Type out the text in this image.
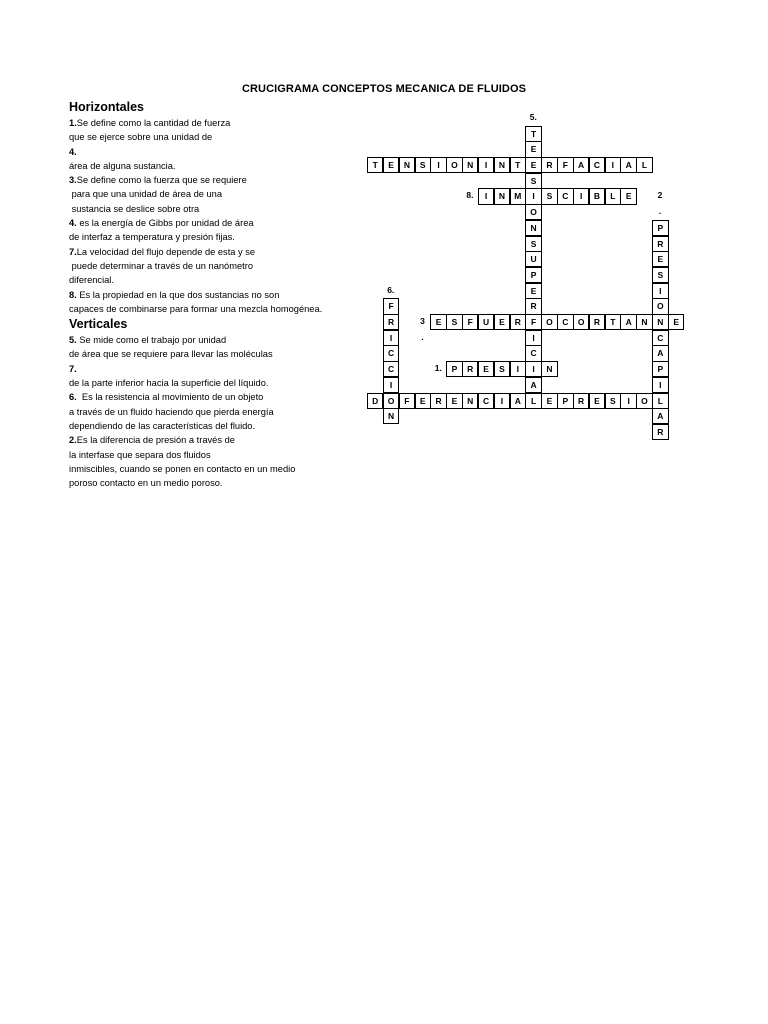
CRUCIGRAMA CONCEPTOS MECANICA DE FLUIDOS
Horizontales
1.Se define como la cantidad de fuerza
que se ejerce sobre una unidad de
4.
área de alguna sustancia.
3.Se define como la fuerza que se requiere
para que una unidad de área de una
sustancia se deslice sobre otra
4. es la energía de Gibbs por unidad de área
de interfaz a temperatura y presión fijas.
7.La velocidad del flujo depende de esta y se
puede determinar a través de un nanómetro
diferencial.
8. Es la propiedad en la que dos sustancias no son
capaces de combinarse para formar una mezcla homogénea.
Verticales
5. Se mide como el trabajo por unidad
de área que se requiere para llevar las moléculas
7.
de la parte inferior hacia la superficie del líquido.
6.  Es la resistencia al movimiento de un objeto
a través de un fluido haciendo que pierda energía
dependiendo de las características del fluido.
2.Es la diferencia de presión a través de
la interfase que separa dos fluidos
inmiscibles, cuando se ponen en contacto en un medio
poroso contacto en un medio poroso.
T	E	N	S	I	O	N	I	N	T	E	R	F	A	C	I	A	L
T
E
S
I
O
N
S
U
P
E
R
F
I
C
I
A
L
I	N	M	S	C	I	B	L	E
P
R
E
S
I
O
N
C
A
P
I
L
A
R
F
R
I
C
C
I
O
N
E	S	F	U	E	R	O	C	O	R	T	A	N	E
P	R	E	S	I	N
D	F	E	R	E	N	C	I	A	E	P	R	E	S	I	O
5.
8.	2
.
6.
3
.
1.
